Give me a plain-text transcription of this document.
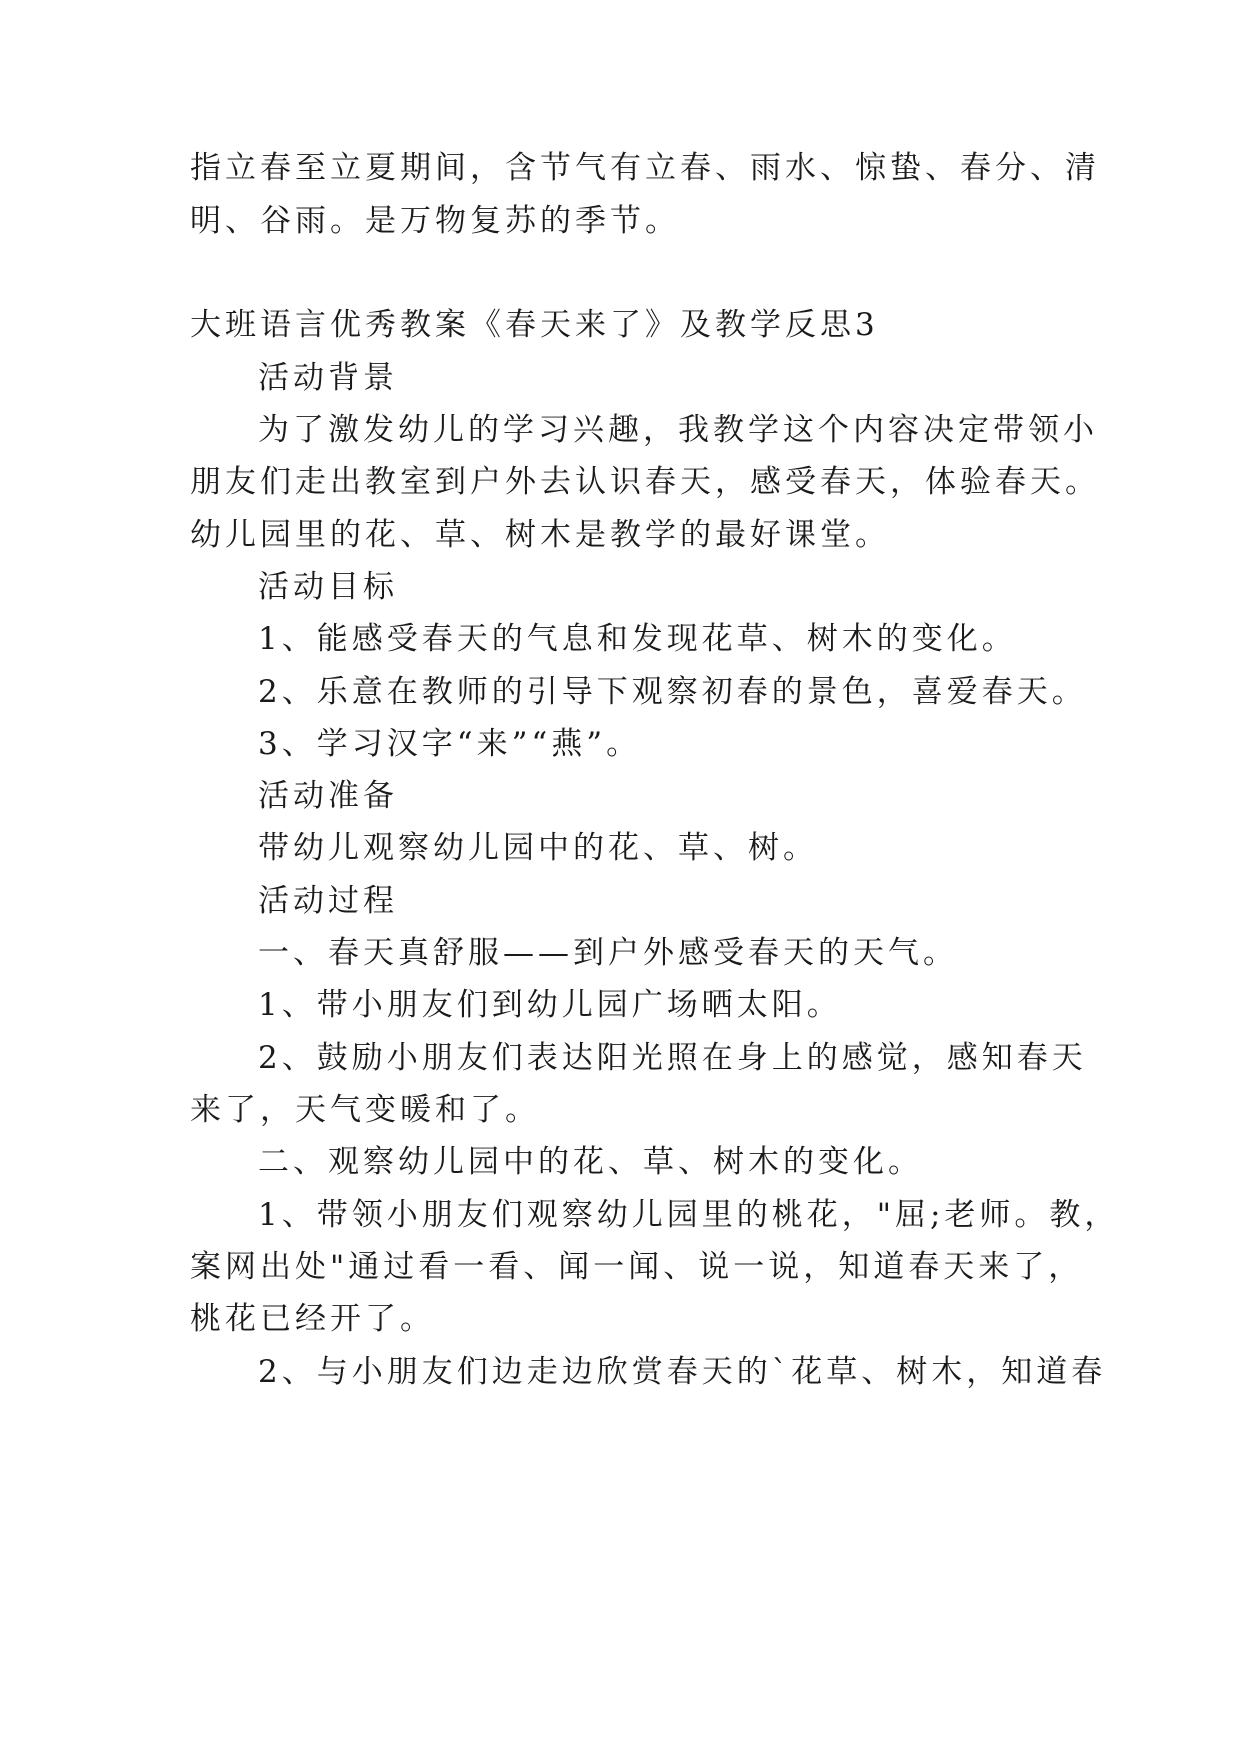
指立春至立夏期间，含节气有立春、雨水、惊蛰、春分、清
明、谷雨。是万物复苏的季节。
大班语言优秀教案《春天来了》及教学反思3
活动背景
为了激发幼儿的学习兴趣，我教学这个内容决定带领小
朋友们走出教室到户外去认识春天，感受春天，体验春天。
幼儿园里的花、草、树木是教学的最好课堂。
活动目标
1、能感受春天的气息和发现花草、树木的变化。
2、乐意在教师的引导下观察初春的景色，喜爱春天。
3、学习汉字“来”“燕”。
活动准备
带幼儿观察幼儿园中的花、草、树。
活动过程
一、春天真舒服——到户外感受春天的天气。
1、带小朋友们到幼儿园广场晒太阳。
2、鼓励小朋友们表达阳光照在身上的感觉，感知春天
来了，天气变暖和了。
二、观察幼儿园中的花、草、树木的变化。
1、带领小朋友们观察幼儿园里的桃花，"屈;老师。教，
案网出处"通过看一看、闻一闻、说一说，知道春天来了，
桃花已经开了。
2、与小朋友们边走边欣赏春天的`花草、树木，知道春
